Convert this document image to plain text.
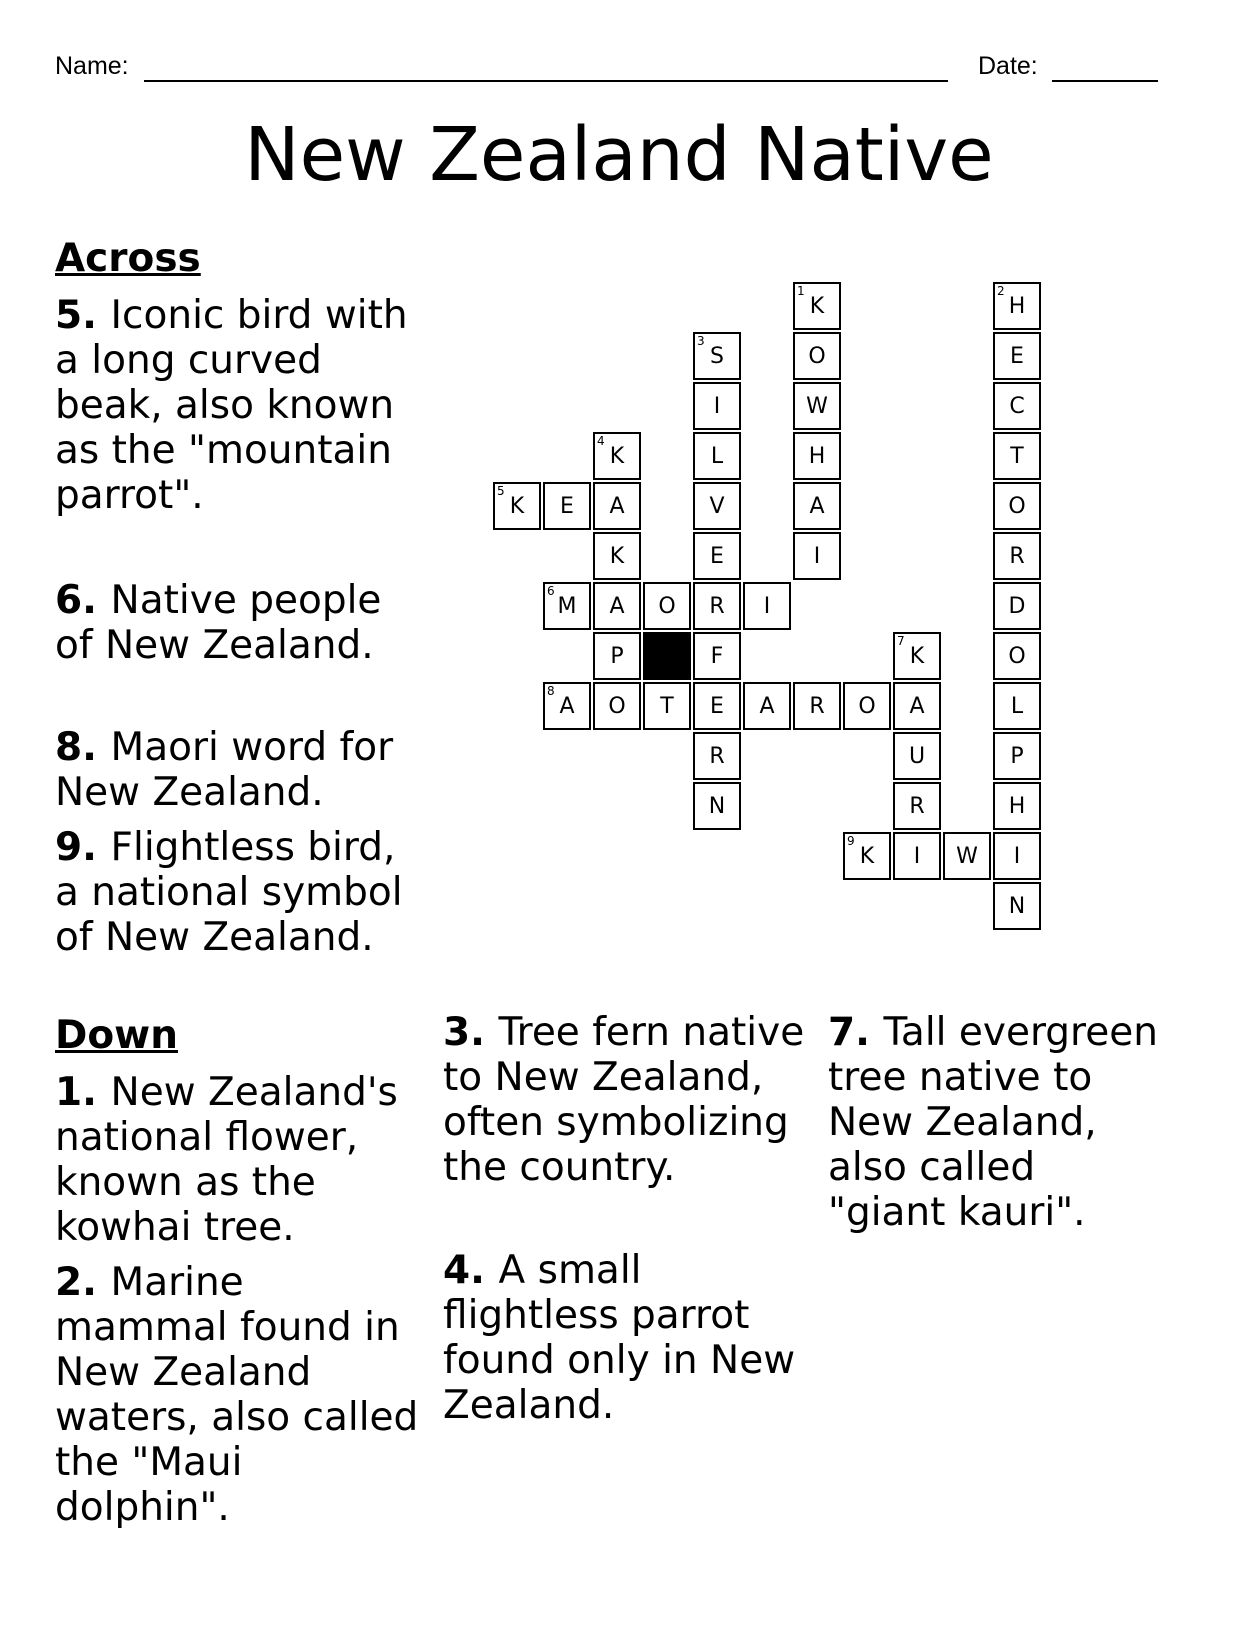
Name:	Date:
New Zealand Native
Across
5. Iconic bird with a long curved beak, also known as the "mountain parrot".
6. Native people of New Zealand.
8. Maori word for New Zealand.
9. Flightless bird, a national symbol of New Zealand.
Down
1. New Zealand's national flower, known as the kowhai tree.
2. Marine mammal found in New Zealand waters, also called the "Maui dolphin".
3. Tree fern native to New Zealand, often symbolizing the country.
4. A small flightless parrot found only in New Zealand.
7. Tall evergreen tree native to New Zealand, also called "giant kauri".
1
K
2
H
3
S	O	E
I	W	C
4
K	L	H	T
5
K E A	V	A	O
K	E	I	R
6
M A O R I	D
P	F
7
K	O
8
A O T E A R O A	L
R	U	P
N	R	H
9
K I W I
N
